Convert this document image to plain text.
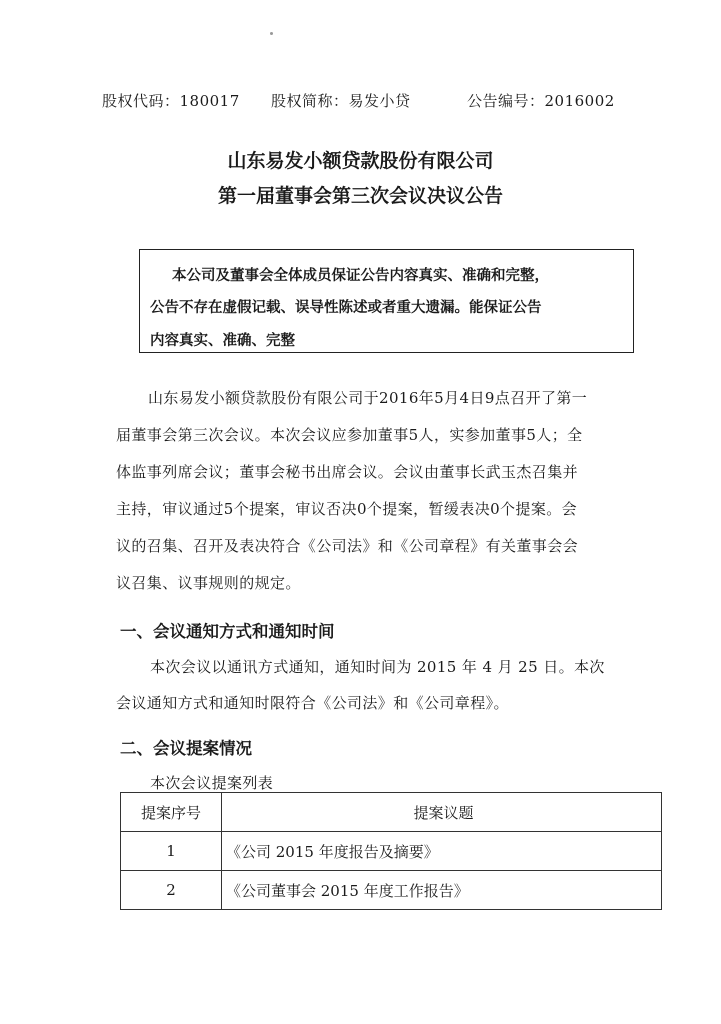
股权代码：180017 股权简称：易发小贷	公告编号：2016002
山东易发小额贷款股份有限公司
第一届董事会第三次会议决议公告
本公司及董事会全体成员保证公告内容真实、准确和完整，
公告不存在虚假记载、误导性陈述或者重大遗漏。能保证公告
内容真实、准确、完整
山东易发小额贷款股份有限公司于2016年5月4日9点召开了第一
届董事会第三次会议。本次会议应参加董事5人，实参加董事5人；全
体监事列席会议；董事会秘书出席会议。会议由董事长武玉杰召集并
主持，审议通过5个提案，审议否决0个提案，暂缓表决0个提案。会
议的召集、召开及表决符合《公司法》和《公司章程》有关董事会会
议召集、议事规则的规定。
一、会议通知方式和通知时间
本次会议以通讯方式通知，通知时间为 2015 年 4 月 25 日。本次
会议通知方式和通知时限符合《公司法》和《公司章程》。
二、会议提案情况
本次会议提案列表
提案序号	提案议题
1	《公司 2015 年度报告及摘要》
2	《公司董事会 2015 年度工作报告》
